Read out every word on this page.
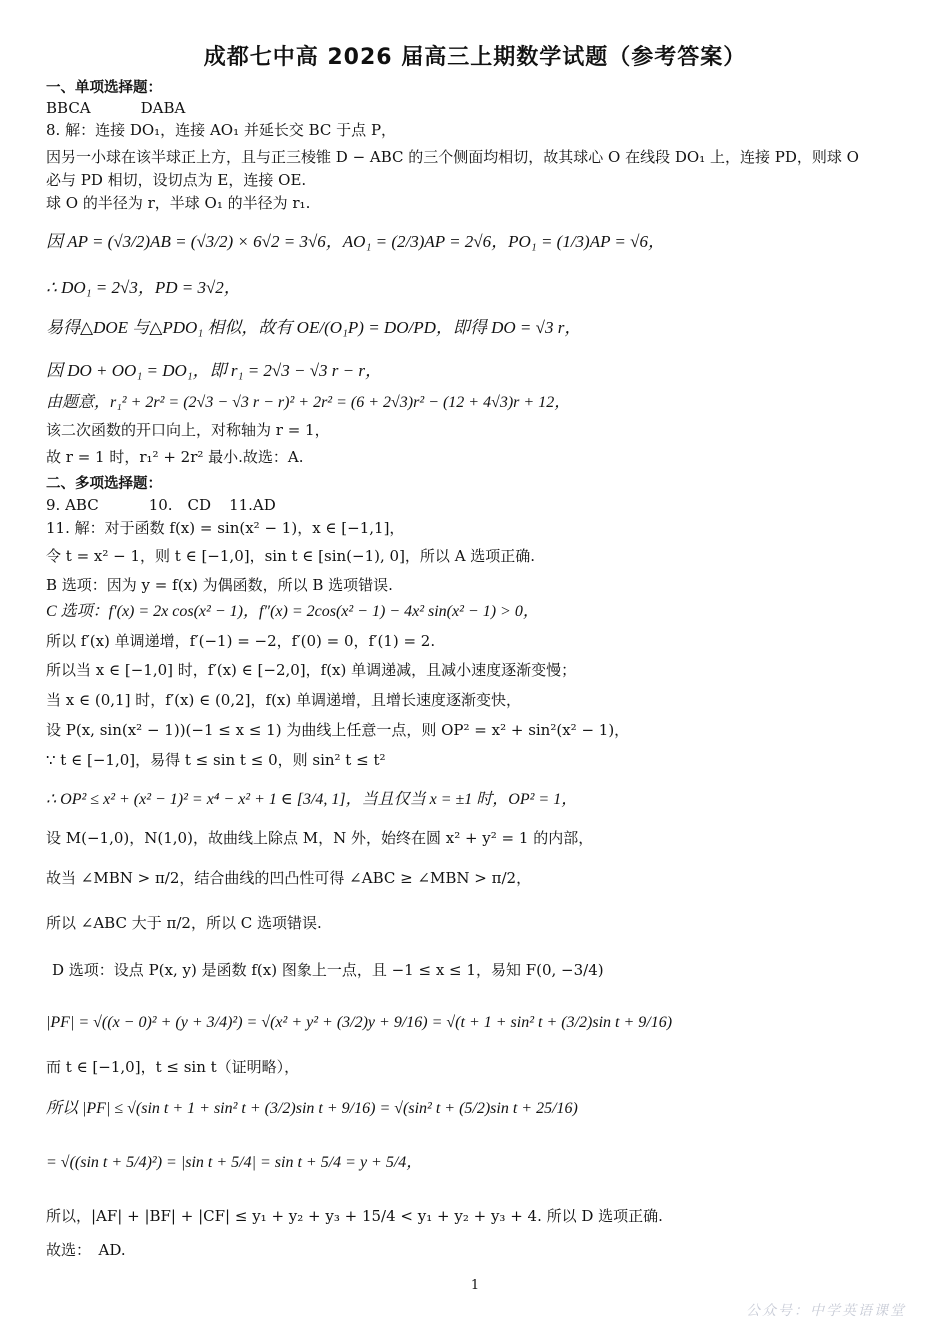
成都七中高 2026 届高三上期数学试题（参考答案）
一、单项选择题：
BBCA	DABA
8. 解：连接 DO₁，连接 AO₁ 并延长交 BC 于点 P，
因另一小球在该半球正上方，且与正三棱锥 D − ABC 的三个侧面均相切，故其球心 O 在线段 DO₁ 上，连接 PD，则球 O
必与 PD 相切，设切点为 E，连接 OE.
球 O 的半径为 r，半球 O₁ 的半径为 r₁.
因 AP = (√3/2)AB = (√3/2) × 6√2 = 3√6，AO₁ = (2/3)AP = 2√6，PO₁ = (1/3)AP = √6，
∴ DO₁ = 2√3，PD = 3√2，
易得△DOE 与△PDO₁ 相似，故有 OE/(O₁P) = DO/PD，即得 DO = √3 r，
因 DO + OO₁ = DO₁，即 r₁ = 2√3 − √3 r − r，
由题意，r₁² + 2r² = (2√3 − √3 r − r)² + 2r² = (6 + 2√3)r² − (12 + 4√3)r + 12，
该二次函数的开口向上，对称轴为 r = 1，
故 r = 1 时，r₁² + 2r² 最小.故选：A.
二、多项选择题：
9. ABC	10.　CD 11.AD
11. 解：对于函数 f(x) = sin(x² − 1)，x ∈ [−1,1]，
令 t = x² − 1，则 t ∈ [−1,0]，sin t ∈ [sin(−1), 0]，所以 A 选项正确.
B 选项：因为 y = f(x) 为偶函数，所以 B 选项错误.
C 选项：f′(x) = 2x cos(x² − 1)，f″(x) = 2cos(x² − 1) − 4x² sin(x² − 1) > 0，
所以 f′(x) 单调递增，f′(−1) = −2，f′(0) = 0，f′(1) = 2.
所以当 x ∈ [−1,0] 时，f′(x) ∈ [−2,0]，f(x) 单调递减，且减小速度逐渐变慢；
当 x ∈ (0,1] 时，f′(x) ∈ (0,2]，f(x) 单调递增，且增长速度逐渐变快，
设 P(x, sin(x² − 1))(−1 ≤ x ≤ 1) 为曲线上任意一点，则 OP² = x² + sin²(x² − 1)，
∵ t ∈ [−1,0]，易得 t ≤ sin t ≤ 0，则 sin² t ≤ t²
∴ OP² ≤ x² + (x² − 1)² = x⁴ − x² + 1 ∈ [3/4, 1]，当且仅当 x = ±1 时，OP² = 1，
设 M(−1,0)，N(1,0)，故曲线上除点 M，N 外，始终在圆 x² + y² = 1 的内部，
故当 ∠MBN > π/2，结合曲线的凹凸性可得 ∠ABC ≥ ∠MBN > π/2，
所以 ∠ABC 大于 π/2，所以 C 选项错误.
D 选项：设点 P(x, y) 是函数 f(x) 图象上一点，且 −1 ≤ x ≤ 1，易知 F(0, −3/4)
|PF| = √((x − 0)² + (y + 3/4)²) = √(x² + y² + (3/2)y + 9/16) = √(t + 1 + sin² t + (3/2)sin t + 9/16)
而 t ∈ [−1,0]，t ≤ sin t（证明略），
所以 |PF| ≤ √(sin t + 1 + sin² t + (3/2)sin t + 9/16) = √(sin² t + (5/2)sin t + 25/16)
= √((sin t + 5/4)²) = |sin t + 5/4| = sin t + 5/4 = y + 5/4，
所以，|AF| + |BF| + |CF| ≤ y₁ + y₂ + y₃ + 15/4 < y₁ + y₂ + y₃ + 4. 所以 D 选项正确.
故选：　AD.
1
公众号：中学英语课堂
